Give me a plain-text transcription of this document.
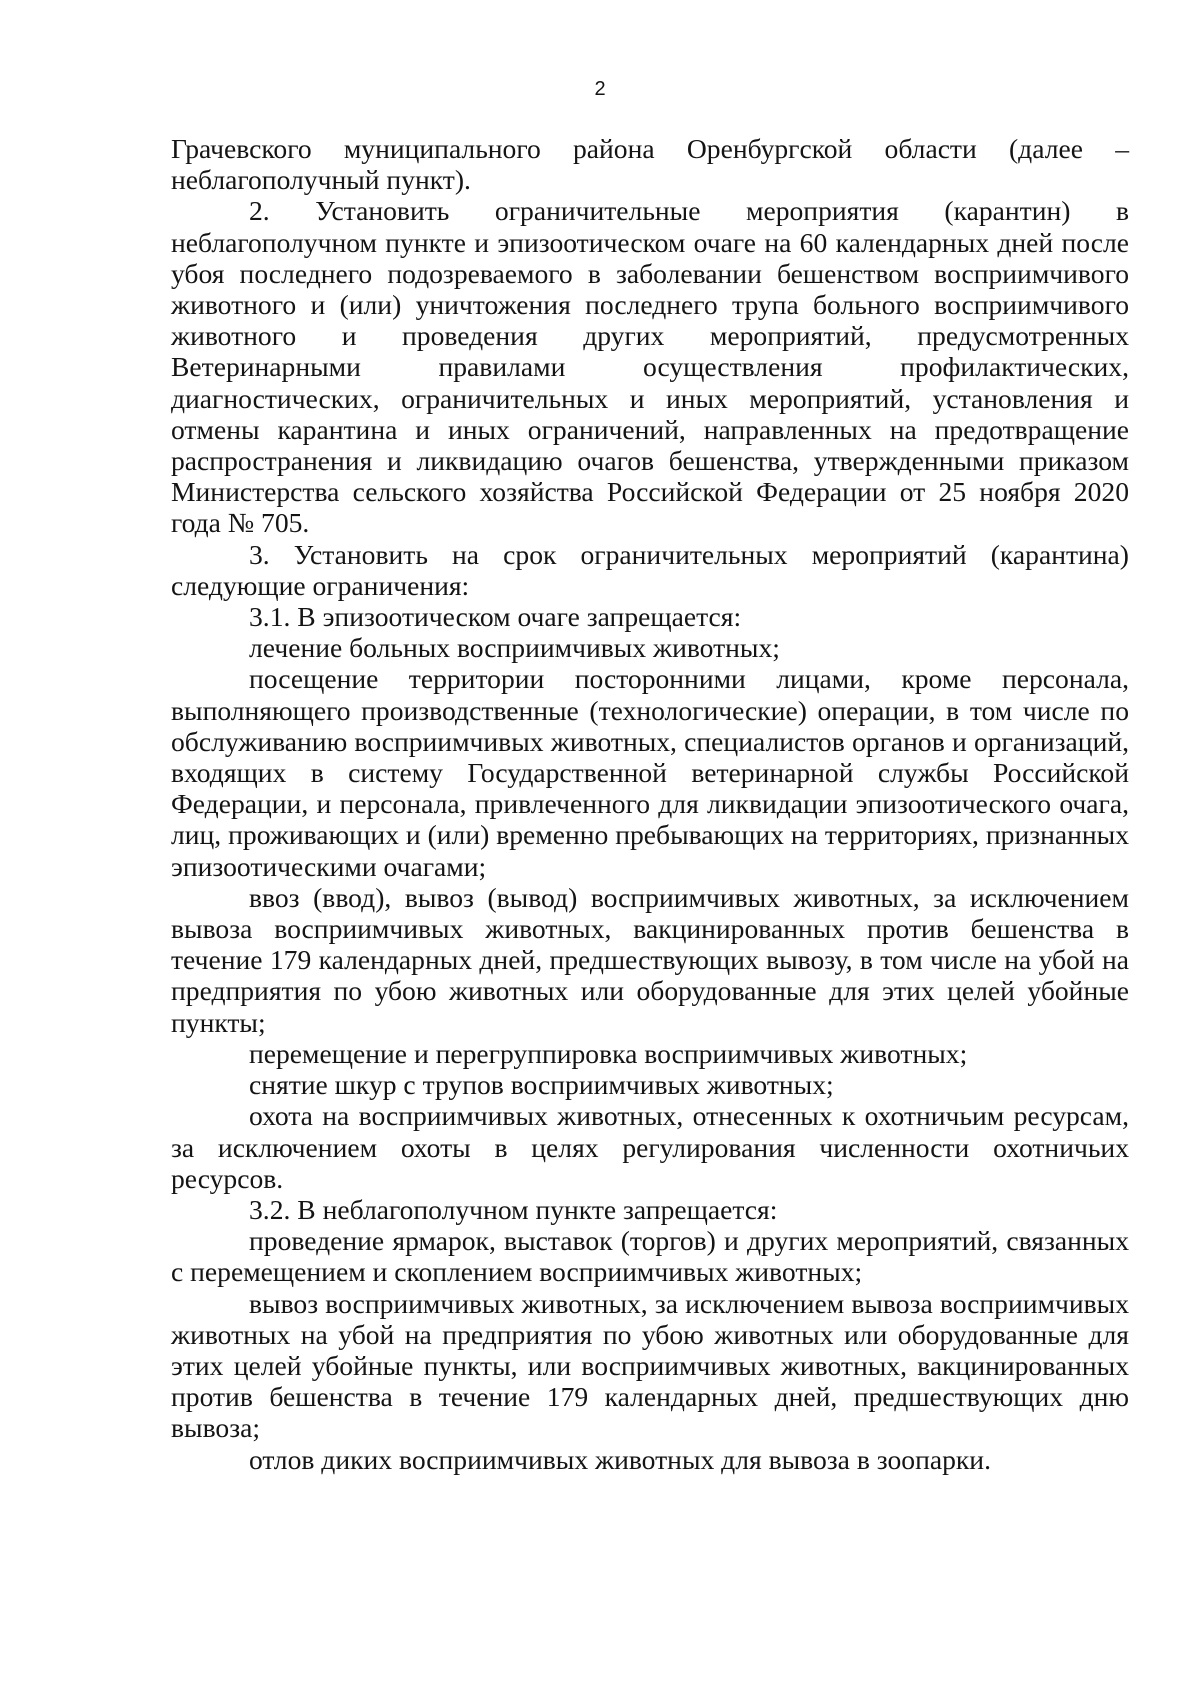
2

Грачевского муниципального района Оренбургской области (далее – неблагополучный пункт).

2. Установить ограничительные мероприятия (карантин) в неблагополучном пункте и эпизоотическом очаге на 60 календарных дней после убоя последнего подозреваемого в заболевании бешенством восприимчивого животного и (или) уничтожения последнего трупа больного восприимчивого животного и проведения других мероприятий, предусмотренных Ветеринарными правилами осуществления профилактических, диагностических, ограничительных и иных мероприятий, установления и отмены карантина и иных ограничений, направленных на предотвращение распространения и ликвидацию очагов бешенства, утвержденными приказом Министерства сельского хозяйства Российской Федерации от 25 ноября 2020 года № 705.

3. Установить на срок ограничительных мероприятий (карантина) следующие ограничения:

3.1. В эпизоотическом очаге запрещается:

лечение больных восприимчивых животных;

посещение территории посторонними лицами, кроме персонала, выполняющего производственные (технологические) операции, в том числе по обслуживанию восприимчивых животных, специалистов органов и организаций, входящих в систему Государственной ветеринарной службы Российской Федерации, и персонала, привлеченного для ликвидации эпизоотического очага, лиц, проживающих и (или) временно пребывающих на территориях, признанных эпизоотическими очагами;

ввоз (ввод), вывоз (вывод) восприимчивых животных, за исключением вывоза восприимчивых животных, вакцинированных против бешенства в течение 179 календарных дней, предшествующих вывозу, в том числе на убой на предприятия по убою животных или оборудованные для этих целей убойные пункты;

перемещение и перегруппировка восприимчивых животных;

снятие шкур с трупов восприимчивых животных;

охота на восприимчивых животных, отнесенных к охотничьим ресурсам, за исключением охоты в целях регулирования численности охотничьих ресурсов.

3.2. В неблагополучном пункте запрещается:

проведение ярмарок, выставок (торгов) и других мероприятий, связанных с перемещением и скоплением восприимчивых животных;

вывоз восприимчивых животных, за исключением вывоза восприимчивых животных на убой на предприятия по убою животных или оборудованные для этих целей убойные пункты, или восприимчивых животных, вакцинированных против бешенства в течение 179 календарных дней, предшествующих дню вывоза;

отлов диких восприимчивых животных для вывоза в зоопарки.
